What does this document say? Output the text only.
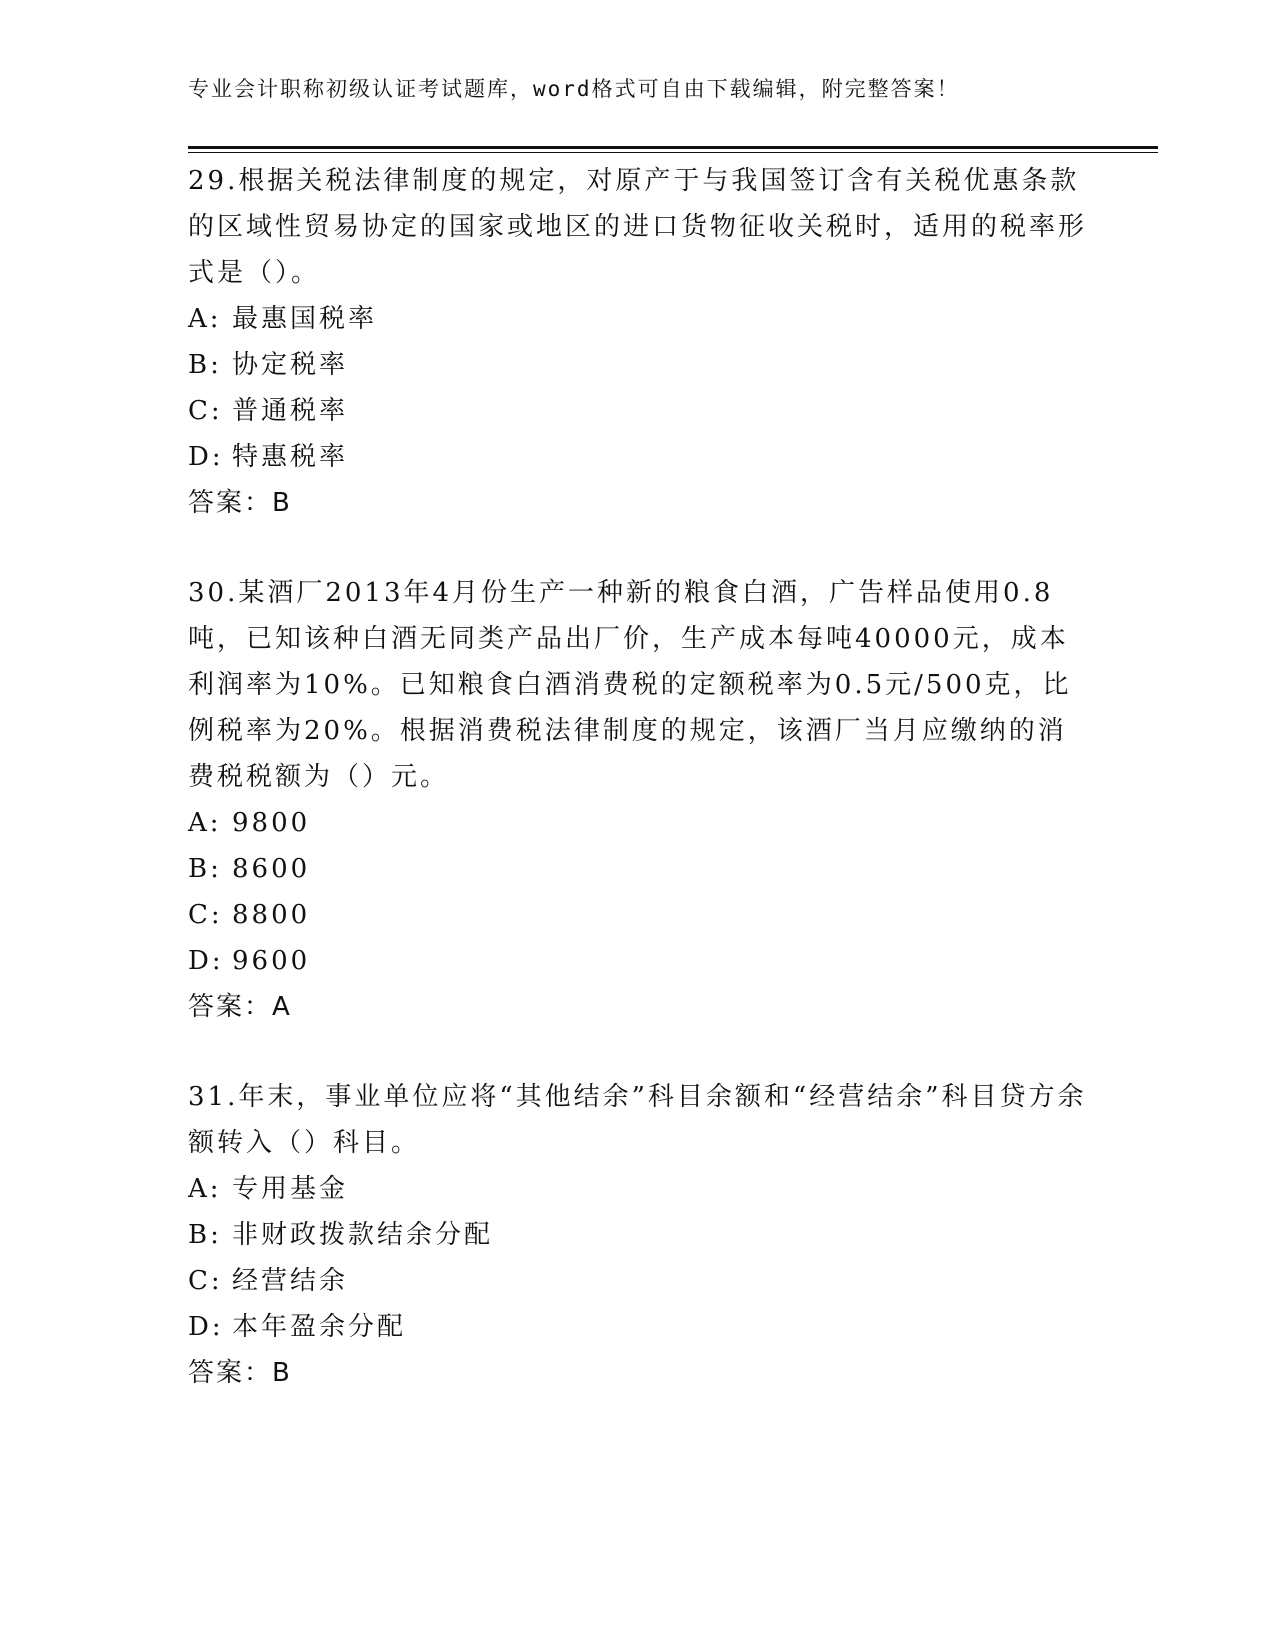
专业会计职称初级认证考试题库，word格式可自由下载编辑，附完整答案！
29.根据关税法律制度的规定，对原产于与我国签订含有关税优惠条款的区域性贸易协定的国家或地区的进口货物征收关税时，适用的税率形式是（）。
A: 最惠国税率
B: 协定税率
C: 普通税率
D: 特惠税率
答案：B
30.某酒厂2013年4月份生产一种新的粮食白酒，广告样品使用0.8吨，已知该种白酒无同类产品出厂价，生产成本每吨40000元，成本利润率为10%。已知粮食白酒消费税的定额税率为0.5元/500克，比例税率为20%。根据消费税法律制度的规定，该酒厂当月应缴纳的消费税税额为（）元。
A: 9800
B: 8600
C: 8800
D: 9600
答案：A
31.年末，事业单位应将“其他结余”科目余额和“经营结余”科目贷方余额转入（）科目。
A: 专用基金
B: 非财政拨款结余分配
C: 经营结余
D: 本年盈余分配
答案：B
